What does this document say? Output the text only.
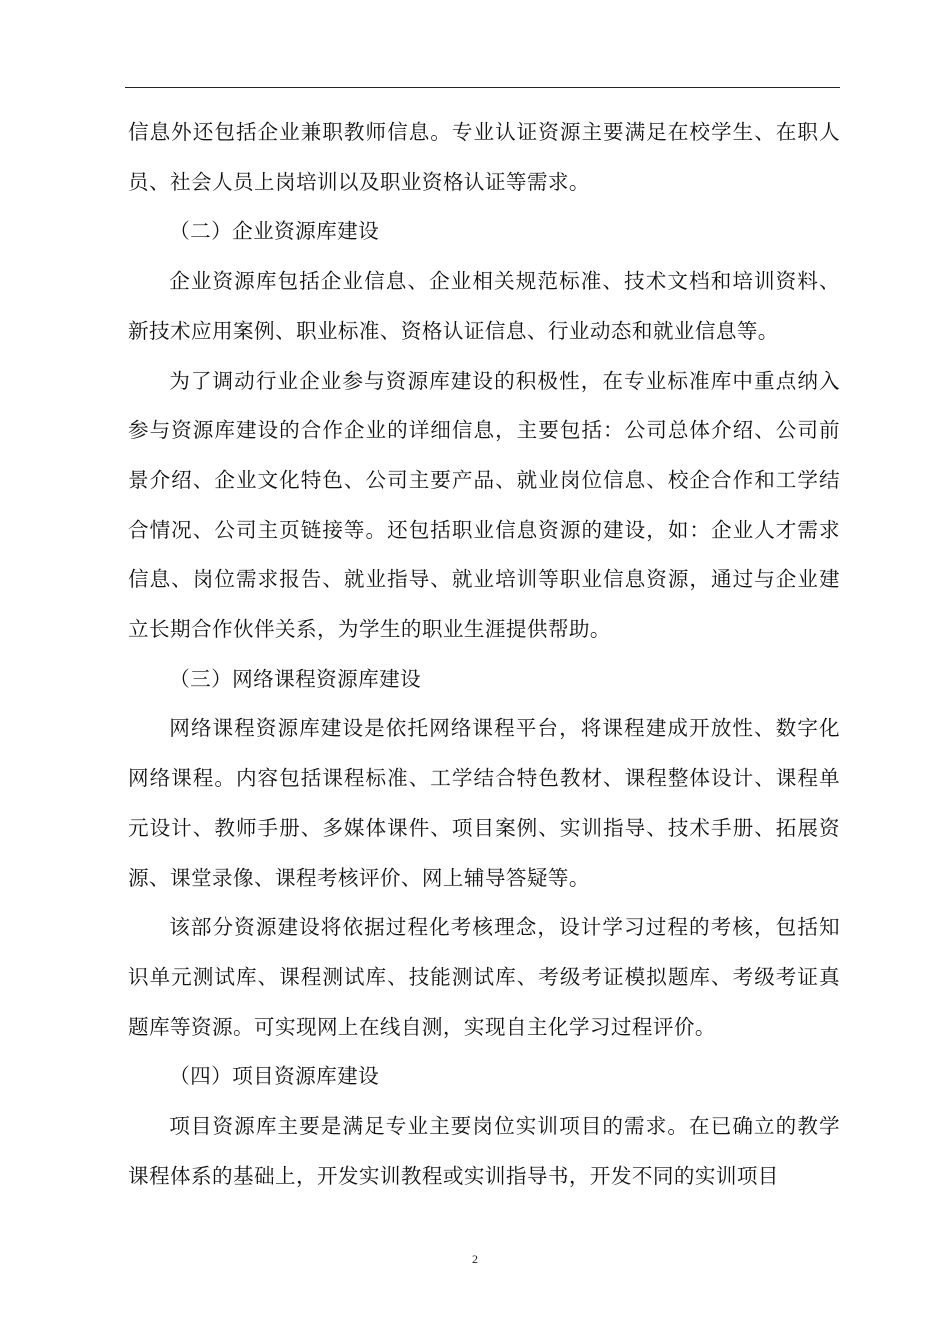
信息外还包括企业兼职教师信息。专业认证资源主要满足在校学生、在职人员、社会人员上岗培训以及职业资格认证等需求。

（二）企业资源库建设

企业资源库包括企业信息、企业相关规范标准、技术文档和培训资料、新技术应用案例、职业标准、资格认证信息、行业动态和就业信息等。

为了调动行业企业参与资源库建设的积极性，在专业标准库中重点纳入参与资源库建设的合作企业的详细信息，主要包括：公司总体介绍、公司前景介绍、企业文化特色、公司主要产品、就业岗位信息、校企合作和工学结合情况、公司主页链接等。还包括职业信息资源的建设，如：企业人才需求信息、岗位需求报告、就业指导、就业培训等职业信息资源，通过与企业建立长期合作伙伴关系，为学生的职业生涯提供帮助。

（三）网络课程资源库建设

网络课程资源库建设是依托网络课程平台，将课程建成开放性、数字化网络课程。内容包括课程标准、工学结合特色教材、课程整体设计、课程单元设计、教师手册、多媒体课件、项目案例、实训指导、技术手册、拓展资源、课堂录像、课程考核评价、网上辅导答疑等。

该部分资源建设将依据过程化考核理念，设计学习过程的考核，包括知识单元测试库、课程测试库、技能测试库、考级考证模拟题库、考级考证真题库等资源。可实现网上在线自测，实现自主化学习过程评价。

（四）项目资源库建设

项目资源库主要是满足专业主要岗位实训项目的需求。在已确立的教学课程体系的基础上，开发实训教程或实训指导书，开发不同的实训项目

2
